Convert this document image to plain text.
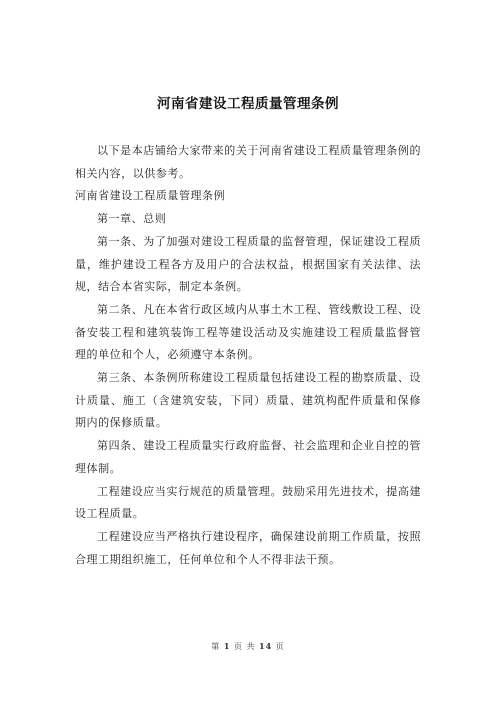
河南省建设工程质量管理条例

以下是本店铺给大家带来的关于河南省建设工程质量管理条例的相关内容，以供参考。

河南省建设工程质量管理条例

第一章、总则

第一条、为了加强对建设工程质量的监督管理，保证建设工程质量，维护建设工程各方及用户的合法权益，根据国家有关法律、法规，结合本省实际，制定本条例。

第二条、凡在本省行政区域内从事土木工程、管线敷设工程、设备安装工程和建筑装饰工程等建设活动及实施建设工程质量监督管理的单位和个人，必须遵守本条例。

第三条、本条例所称建设工程质量包括建设工程的勘察质量、设计质量、施工（含建筑安装，下同）质量、建筑构配件质量和保修期内的保修质量。

第四条、建设工程质量实行政府监督、社会监理和企业自控的管理体制。

工程建设应当实行规范的质量管理。鼓励采用先进技术，提高建设工程质量。

工程建设应当严格执行建设程序，确保建设前期工作质量，按照合理工期组织施工，任何单位和个人不得非法干预。

第 1 页 共 14 页
